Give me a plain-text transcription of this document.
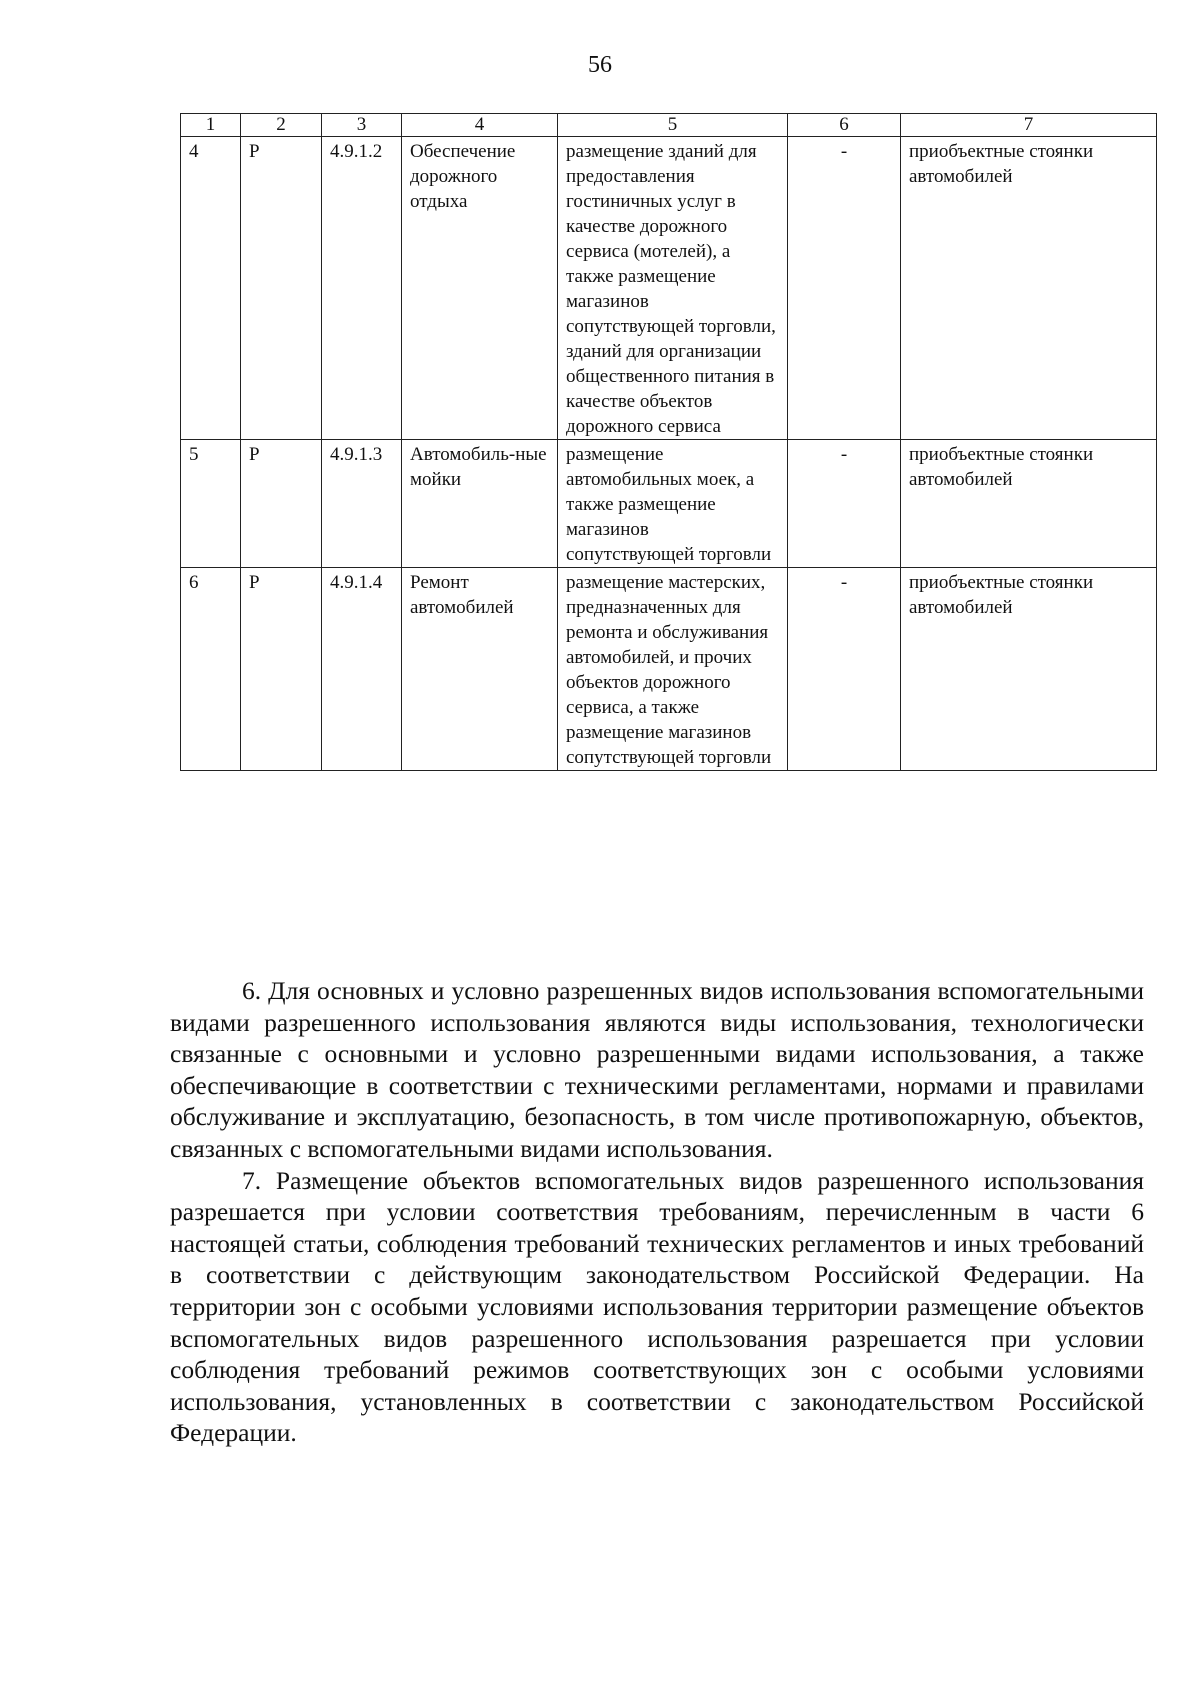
56
1	2	3	4	5	6	7
4	Р	4.9.1.2	Обеспечение дорожного отдыха	размещение зданий для предоставления гостиничных услуг в качестве дорожного сервиса (мотелей), а также размещение магазинов сопутствующей торговли, зданий для организации общественного питания в качестве объектов дорожного сервиса	-	приобъектные стоянки автомобилей
5	Р	4.9.1.3	Автомобиль-ные мойки	размещение автомобильных моек, а также размещение магазинов сопутствующей торговли	-	приобъектные стоянки автомобилей
6	Р	4.9.1.4	Ремонт автомобилей	размещение мастерских, предназначенных для ремонта и обслуживания автомобилей, и прочих объектов дорожного сервиса, а также размещение магазинов сопутствующей торговли	-	приобъектные стоянки автомобилей

6. Для основных и условно разрешенных видов использования вспомогательными видами разрешенного использования являются виды использования, технологически связанные с основными и условно разрешенными видами использования, а также обеспечивающие в соответствии с техническими регламентами, нормами и правилами обслуживание и эксплуатацию, безопасность, в том числе противопожарную, объектов, связанных с вспомогательными видами использования.

7. Размещение объектов вспомогательных видов разрешенного использования разрешается при условии соответствия требованиям, перечисленным в части 6 настоящей статьи, соблюдения требований технических регламентов и иных требований в соответствии с действующим законодательством Российской Федерации. На территории зон с особыми условиями использования территории размещение объектов вспомогательных видов разрешенного использования разрешается при условии соблюдения требований режимов соответствующих зон с особыми условиями использования, установленных в соответствии с законодательством Российской Федерации.
